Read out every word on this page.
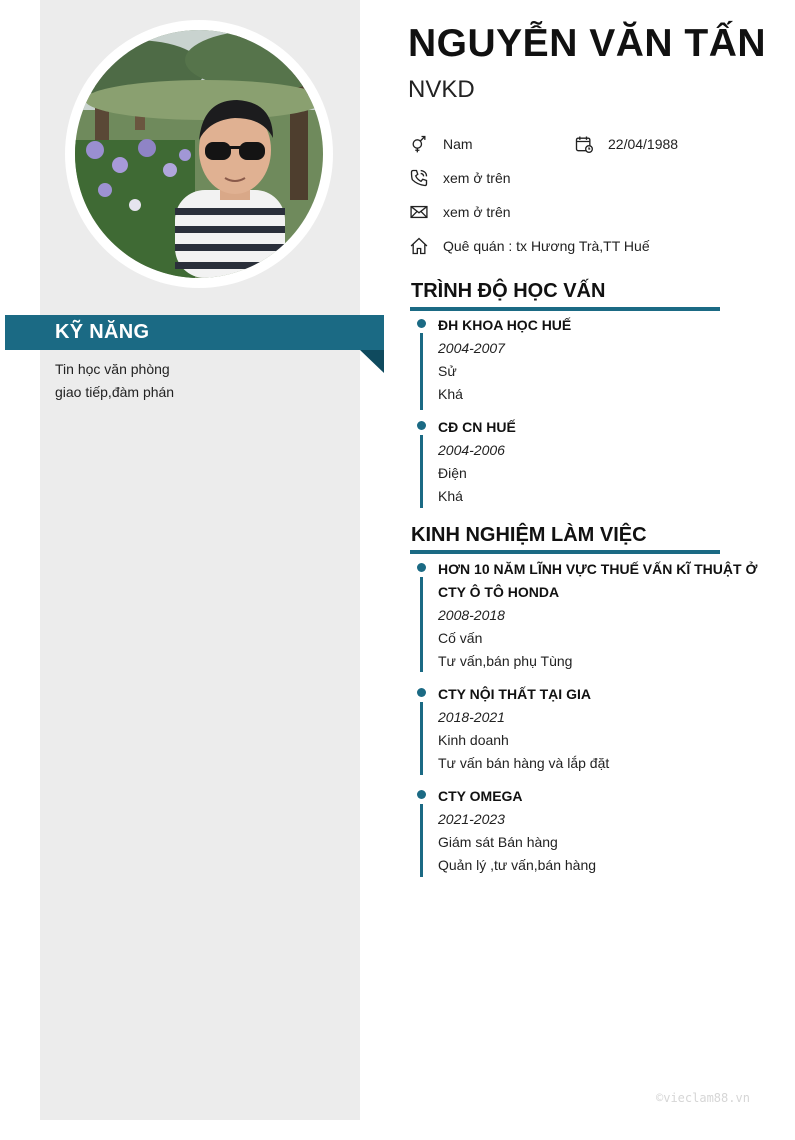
KỸ NĂNG
Tin học văn phòng
giao tiếp,đàm phán
NGUYỄN VĂN TẤN
NVKD
Nam	22/04/1988
xem ở trên
xem ở trên
Quê quán : tx Hương Trà,TT Huế
TRÌNH ĐỘ HỌC VẤN
ĐH KHOA HỌC HUẾ
2004-2007
Sử
Khá
CĐ CN HUẾ
2004-2006
Điện
Khá
KINH NGHIỆM LÀM VIỆC
HƠN 10 NĂM LĨNH VỰC THUẾ VẤN KĨ THUẬT Ở CTY Ô TÔ HONDA
2008-2018
Cố vấn
Tư vấn,bán phụ Tùng
CTY NỘI THẤT TẠI GIA
2018-2021
Kinh doanh
Tư vấn bán hàng và lắp đặt
CTY OMEGA
2021-2023
Giám sát Bán hàng
Quản lý ,tư vấn,bán hàng
©vieclam88.vn
